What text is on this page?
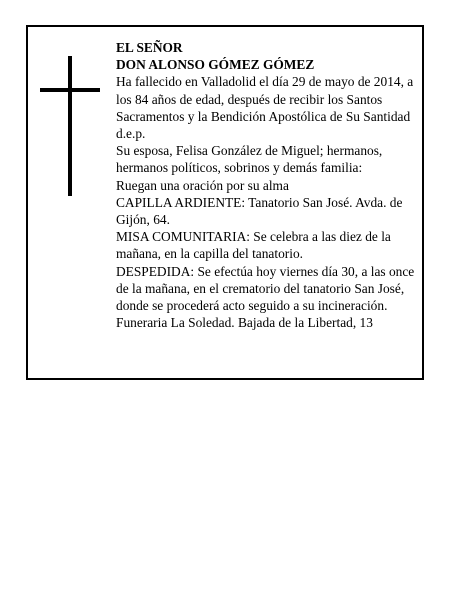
EL SEÑOR

DON ALONSO GÓMEZ GÓMEZ

Ha fallecido en Valladolid el día 29 de mayo de 2014, a los 84 años de edad, después de recibir los Santos Sacramentos y la Bendición Apostólica de Su Santidad d.e.p.

Su esposa, Felisa González de Miguel; hermanos, hermanos políticos, sobrinos y demás familia:

Ruegan una oración por su alma

CAPILLA ARDIENTE: Tanatorio San José. Avda. de Gijón, 64.

MISA COMUNITARIA: Se celebra a las diez de la mañana, en la capilla del tanatorio.

DESPEDIDA: Se efectúa hoy viernes día 30, a las once de la mañana, en el crematorio del tanatorio San José, donde se procederá acto seguido a su incineración.

Funeraria La Soledad. Bajada de la Libertad, 13
